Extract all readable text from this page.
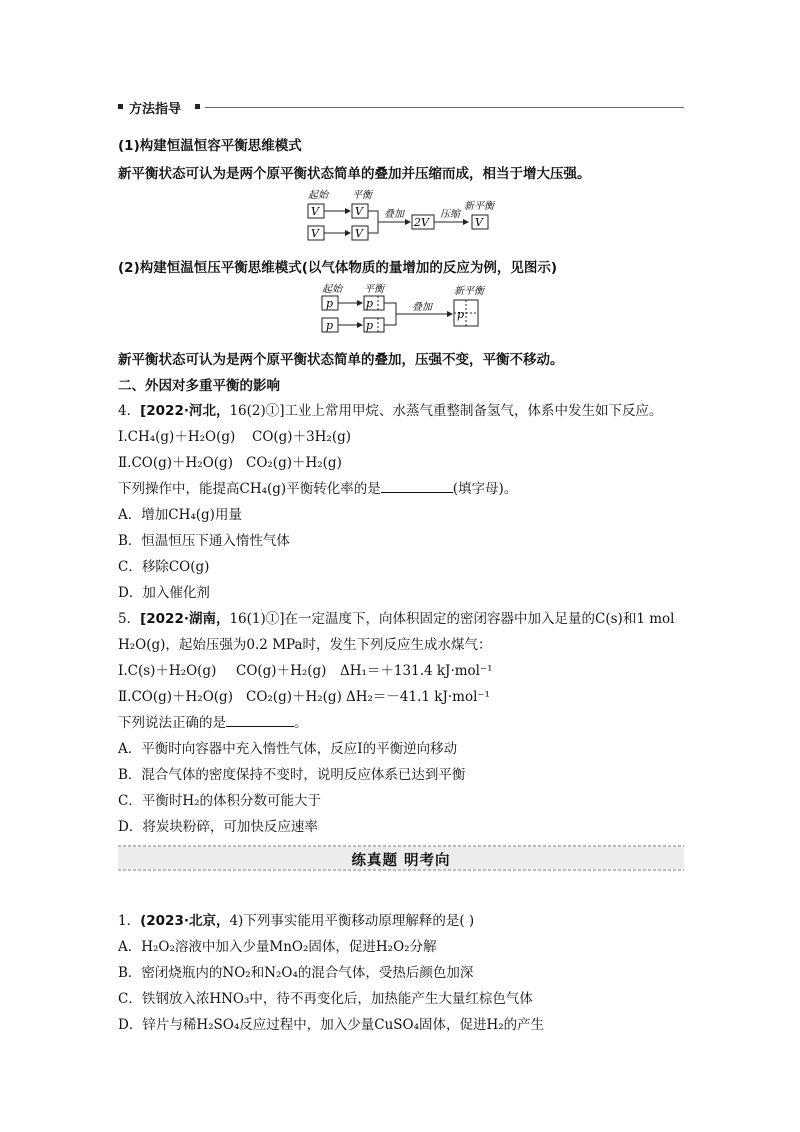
方法指导
(1)构建恒温恒容平衡思维模式
新平衡状态可认为是两个原平衡状态简单的叠加并压缩而成，相当于增大压强。
起始 平衡
V	V
V	V
叠加
2V
压缩
新平衡
V
(2)构建恒温恒压平衡思维模式(以气体物质的量增加的反应为例，见图示)
起始 平衡
p	p
p	p
叠加
新平衡
p
新平衡状态可认为是两个原平衡状态简单的叠加，压强不变，平衡不移动。
二、外因对多重平衡的影响
4．[2022·河北，16(2)①]工业上常用甲烷、水蒸气重整制备氢气，体系中发生如下反应。
Ⅰ.CH₄(g)＋H₂O(g) CO(g)＋3H₂(g)
Ⅱ.CO(g)＋H₂O(g) CO₂(g)＋H₂(g)
下列操作中，能提高CH₄(g)平衡转化率的是	(填字母)。
A．增加CH₄(g)用量
B．恒温恒压下通入惰性气体
C．移除CO(g)
D．加入催化剂
5．[2022·湖南，16(1)①]在一定温度下，向体积固定的密闭容器中加入足量的C(s)和1 mol
H₂O(g)，起始压强为0.2 MPa时，发生下列反应生成水煤气：
Ⅰ.C(s)＋H₂O(g) CO(g)＋H₂(g) ΔH₁＝＋131.4 kJ·mol⁻¹
Ⅱ.CO(g)＋H₂O(g) CO₂(g)＋H₂(g) ΔH₂＝－41.1 kJ·mol⁻¹
下列说法正确的是	。
A．平衡时向容器中充入惰性气体，反应Ⅰ的平衡逆向移动
B．混合气体的密度保持不变时，说明反应体系已达到平衡
C．平衡时H₂的体积分数可能大于
D．将炭块粉碎，可加快反应速率
练真题 明考向
1．(2023·北京，4)下列事实能用平衡移动原理解释的是( )
A．H₂O₂溶液中加入少量MnO₂固体，促进H₂O₂分解
B．密闭烧瓶内的NO₂和N₂O₄的混合气体，受热后颜色加深
C．铁钢放入浓HNO₃中，待不再变化后，加热能产生大量红棕色气体
D．锌片与稀H₂SO₄反应过程中，加入少量CuSO₄固体，促进H₂的产生
